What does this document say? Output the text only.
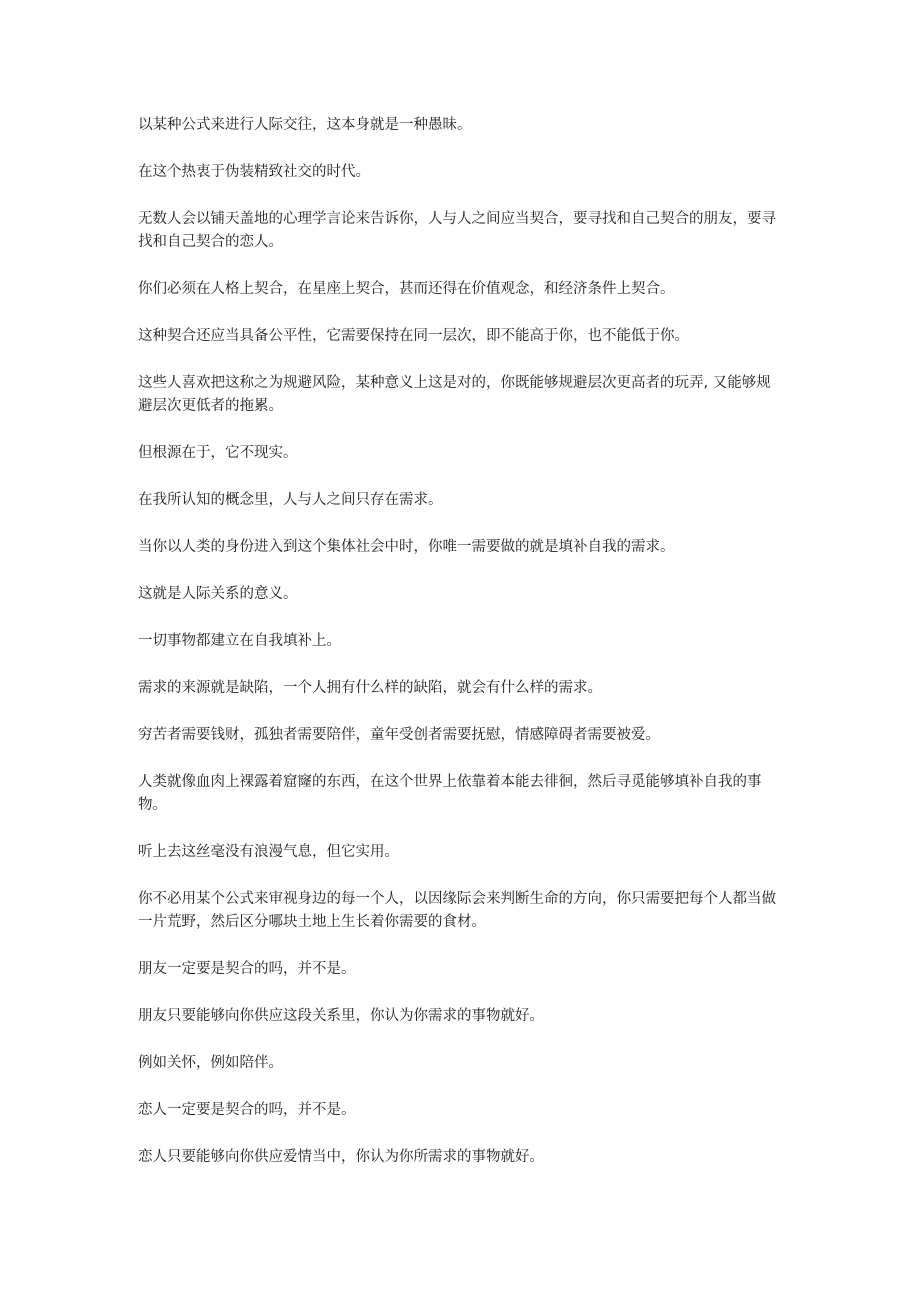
以某种公式来进行人际交往，这本身就是一种愚昧。

在这个热衷于伪装精致社交的时代。

无数人会以铺天盖地的心理学言论来告诉你，人与人之间应当契合，要寻找和自己契合的朋友，要寻找和自己契合的恋人。

你们必须在人格上契合，在星座上契合，甚而还得在价值观念，和经济条件上契合。

这种契合还应当具备公平性，它需要保持在同一层次，即不能高于你，也不能低于你。

这些人喜欢把这称之为规避风险，某种意义上这是对的，你既能够规避层次更高者的玩弄, 又能够规避层次更低者的拖累。

但根源在于，它不现实。

在我所认知的概念里，人与人之间只存在需求。

当你以人类的身份进入到这个集体社会中时，你唯一需要做的就是填补自我的需求。

这就是人际关系的意义。

一切事物都建立在自我填补上。

需求的来源就是缺陷，一个人拥有什么样的缺陷，就会有什么样的需求。

穷苦者需要钱财，孤独者需要陪伴，童年受创者需要抚慰，情感障碍者需要被爱。

人类就像血肉上裸露着窟窿的东西，在这个世界上依靠着本能去徘徊，然后寻觅能够填补自我的事物。

听上去这丝毫没有浪漫气息，但它实用。

你不必用某个公式来审视身边的每一个人，以因缘际会来判断生命的方向，你只需要把每个人都当做一片荒野，然后区分哪块土地上生长着你需要的食材。

朋友一定要是契合的吗，并不是。

朋友只要能够向你供应这段关系里，你认为你需求的事物就好。

例如关怀，例如陪伴。

恋人一定要是契合的吗，并不是。

恋人只要能够向你供应爱情当中，你认为你所需求的事物就好。
